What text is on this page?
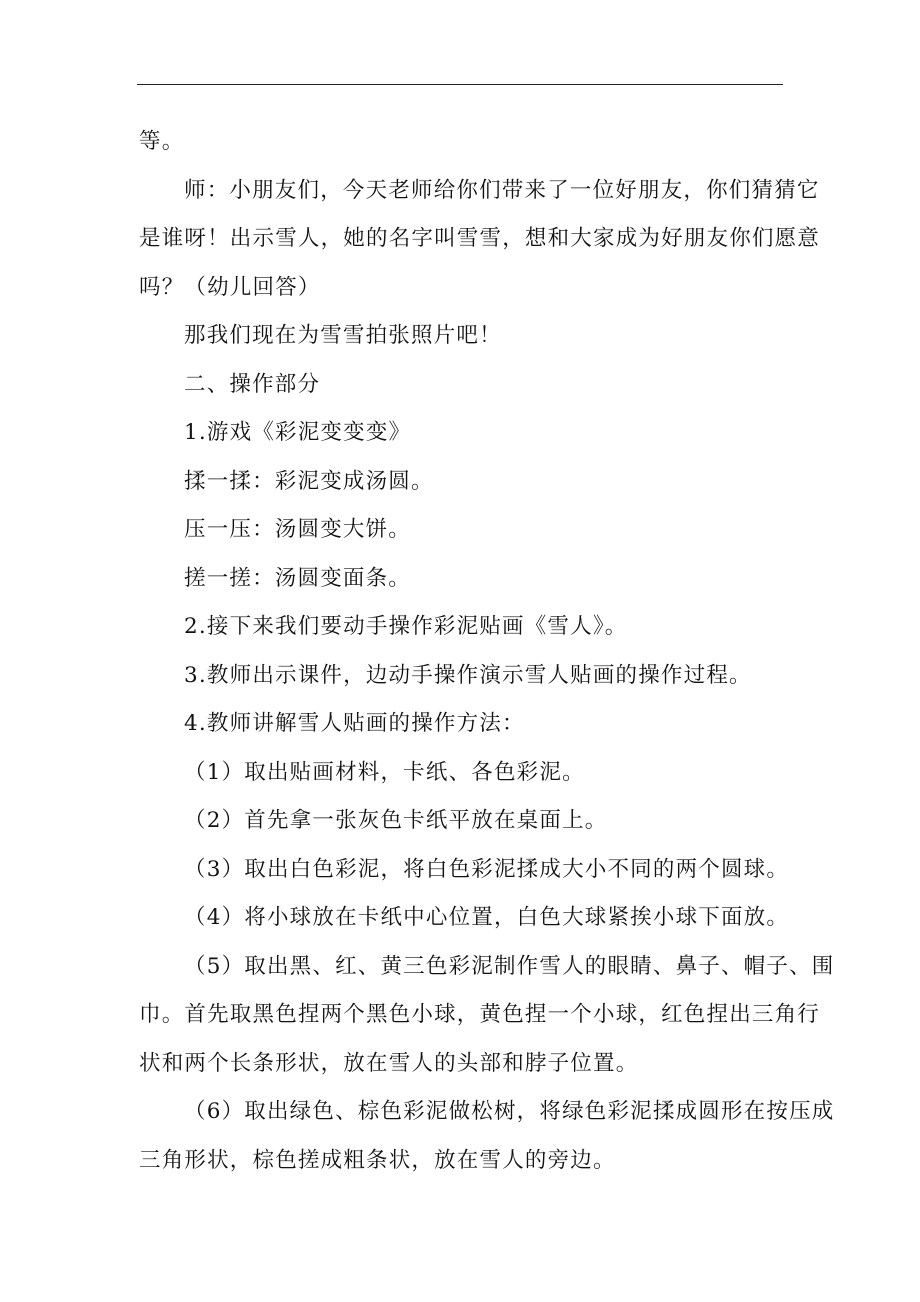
等。

师：小朋友们，今天老师给你们带来了一位好朋友，你们猜猜它

是谁呀！出示雪人，她的名字叫雪雪，想和大家成为好朋友你们愿意

吗？（幼儿回答）

那我们现在为雪雪拍张照片吧！

二、操作部分

1.游戏《彩泥变变变》

揉一揉：彩泥变成汤圆。

压一压：汤圆变大饼。

搓一搓：汤圆变面条。

2.接下来我们要动手操作彩泥贴画《雪人》。

3.教师出示课件，边动手操作演示雪人贴画的操作过程。

4.教师讲解雪人贴画的操作方法：

（1）取出贴画材料，卡纸、各色彩泥。

（2）首先拿一张灰色卡纸平放在桌面上。

（3）取出白色彩泥，将白色彩泥揉成大小不同的两个圆球。

（4）将小球放在卡纸中心位置，白色大球紧挨小球下面放。

（5）取出黑、红、黄三色彩泥制作雪人的眼睛、鼻子、帽子、围

巾。首先取黑色捏两个黑色小球，黄色捏一个小球，红色捏出三角行

状和两个长条形状，放在雪人的头部和脖子位置。

（6）取出绿色、棕色彩泥做松树，将绿色彩泥揉成圆形在按压成

三角形状，棕色搓成粗条状，放在雪人的旁边。
